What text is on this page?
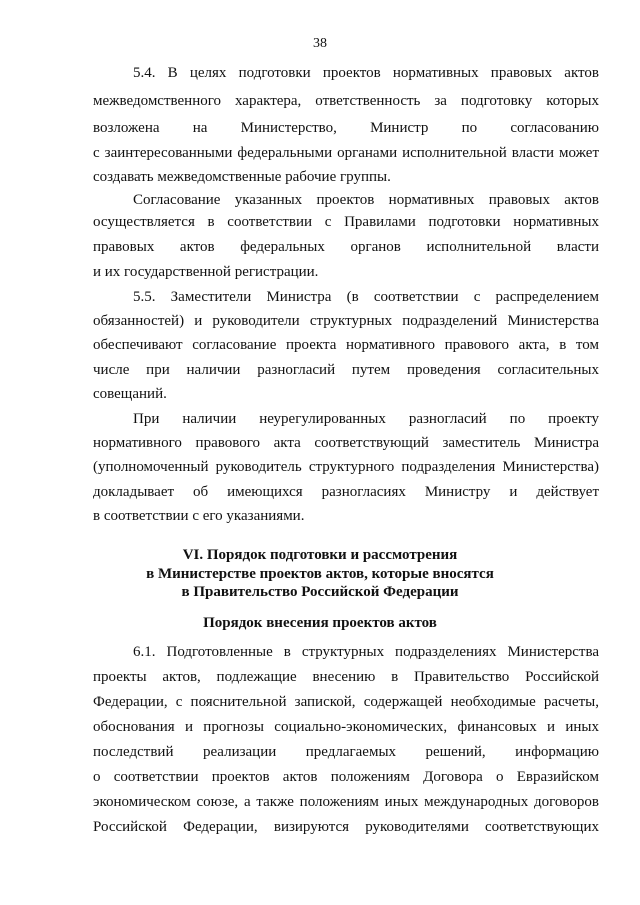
38
5.4. В целях подготовки проектов нормативных правовых актов
межведомственного характера, ответственность за подготовку которых
возложена на Министерство, Министр по согласованию
с заинтересованными федеральными органами исполнительной власти может
создавать межведомственные рабочие группы.
Согласование указанных проектов нормативных правовых актов
осуществляется в соответствии с Правилами подготовки нормативных
правовых актов федеральных органов исполнительной власти
и их государственной регистрации.
5.5. Заместители Министра (в соответствии с распределением
обязанностей) и руководители структурных подразделений Министерства
обеспечивают согласование проекта нормативного правового акта, в том
числе при наличии разногласий путем проведения согласительных
совещаний.
При наличии неурегулированных разногласий по проекту
нормативного правового акта соответствующий заместитель Министра
(уполномоченный руководитель структурного подразделения Министерства)
докладывает об имеющихся разногласиях Министру и действует
в соответствии с его указаниями.
VI. Порядок подготовки и рассмотрения
в Министерстве проектов актов, которые вносятся
в Правительство Российской Федерации
Порядок внесения проектов актов
6.1. Подготовленные в структурных подразделениях Министерства
проекты актов, подлежащие внесению в Правительство Российской
Федерации, с пояснительной запиской, содержащей необходимые расчеты,
обоснования и прогнозы социально-экономических, финансовых и иных
последствий реализации предлагаемых решений, информацию
о соответствии проектов актов положениям Договора о Евразийском
экономическом союзе, а также положениям иных международных договоров
Российской Федерации, визируются руководителями соответствующих
